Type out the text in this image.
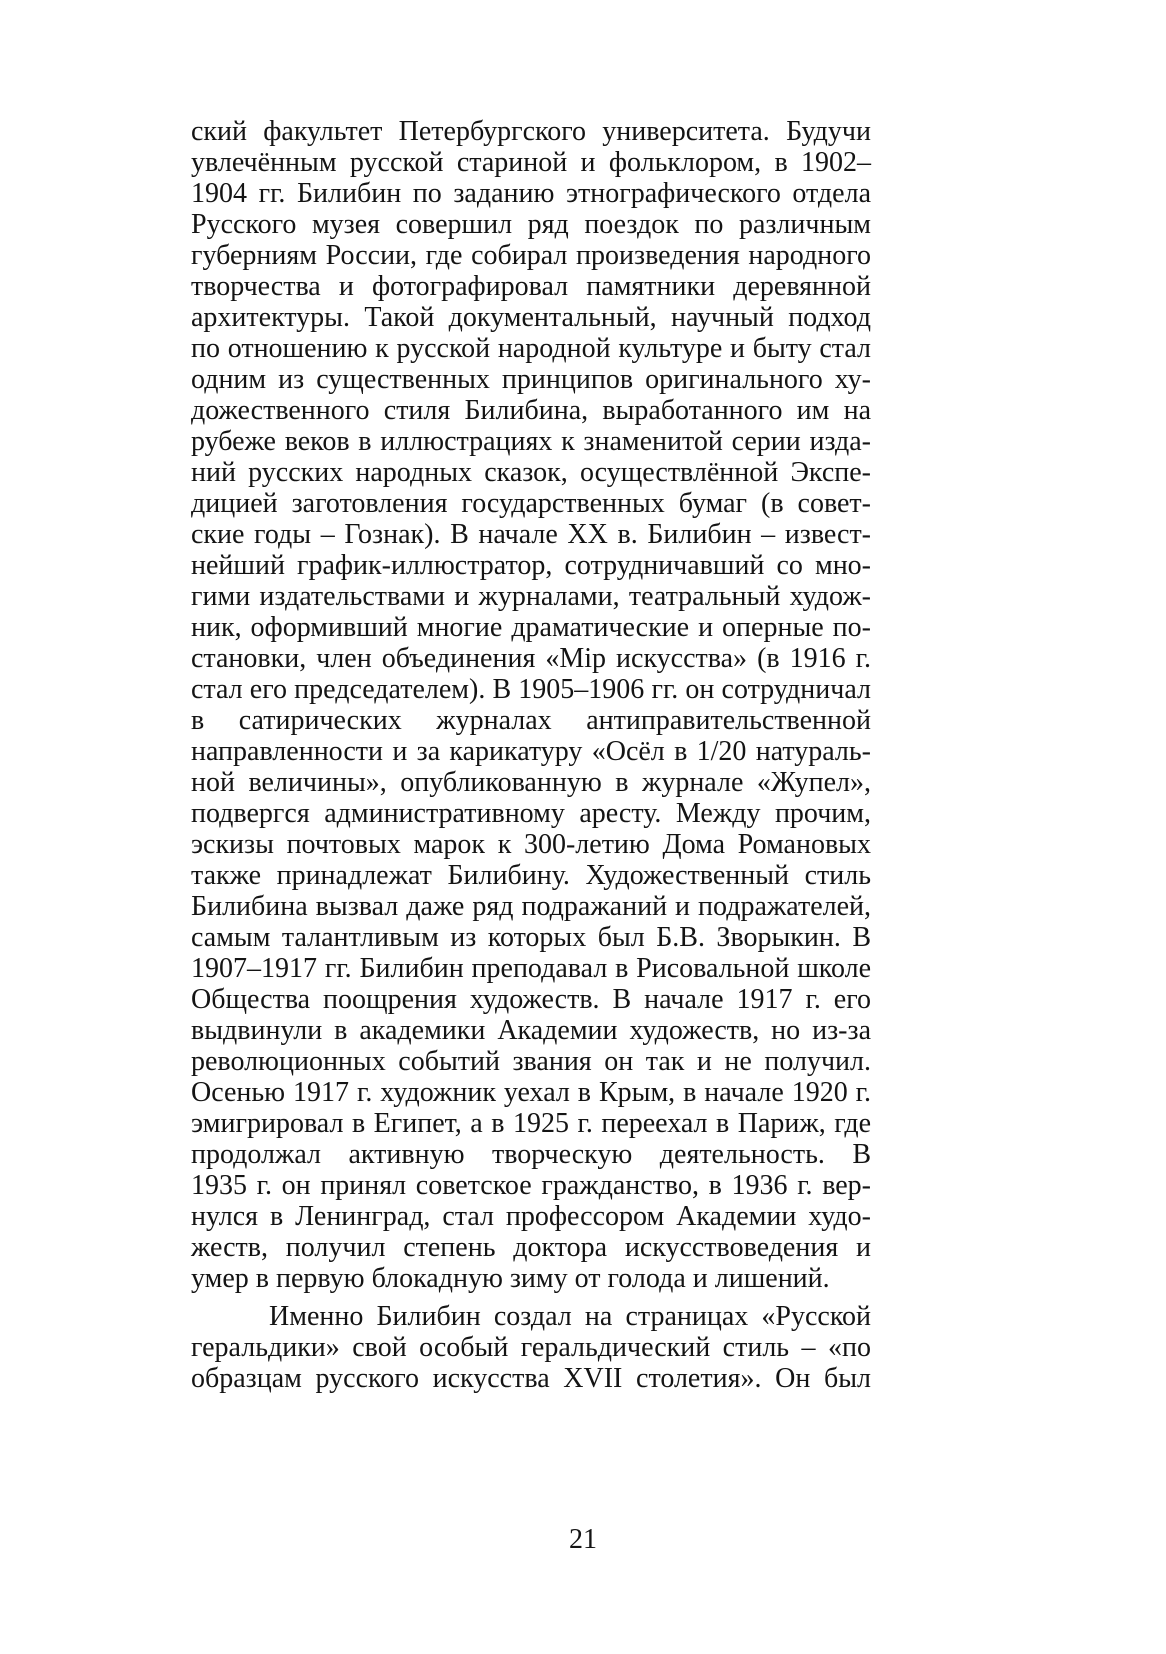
ский факультет Петербургского университета. Будучи
увлечённым русской стариной и фольклором, в 1902–
1904 гг. Билибин по заданию этнографического отдела
Русского музея совершил ряд поездок по различным
губерниям России, где собирал произведения народного
творчества и фотографировал памятники деревянной
архитектуры. Такой документальный, научный подход
по отношению к русской народной культуре и быту стал
одним из существенных принципов оригинального ху-
дожественного стиля Билибина, выработанного им на
рубеже веков в иллюстрациях к знаменитой серии изда-
ний русских народных сказок, осуществлённой Экспе-
дицией заготовления государственных бумаг (в совет-
ские годы – Гознак). В начале XX в. Билибин – извест-
нейший график-иллюстратор, сотрудничавший со мно-
гими издательствами и журналами, театральный худож-
ник, оформивший многие драматические и оперные по-
становки, член объединения «Мiр искусства» (в 1916 г.
стал его председателем). В 1905–1906 гг. он сотрудничал
в сатирических журналах антиправительственной
направленности и за карикатуру «Осёл в 1/20 натураль-
ной величины», опубликованную в журнале «Жупел»,
подвергся административному аресту. Между прочим,
эскизы почтовых марок к 300-летию Дома Романовых
также принадлежат Билибину. Художественный стиль
Билибина вызвал даже ряд подражаний и подражателей,
самым талантливым из которых был Б.В. Зворыкин. В
1907–1917 гг. Билибин преподавал в Рисовальной школе
Общества поощрения художеств. В начале 1917 г. его
выдвинули в академики Академии художеств, но из-за
революционных событий звания он так и не получил.
Осенью 1917 г. художник уехал в Крым, в начале 1920 г.
эмигрировал в Египет, а в 1925 г. переехал в Париж, где
продолжал активную творческую деятельность. В
1935 г. он принял советское гражданство, в 1936 г. вер-
нулся в Ленинград, стал профессором Академии худо-
жеств, получил степень доктора искусствоведения и
умер в первую блокадную зиму от голода и лишений.
Именно Билибин создал на страницах «Русской
геральдики» свой особый геральдический стиль – «по
образцам русского искусства XVII столетия». Он был
21
